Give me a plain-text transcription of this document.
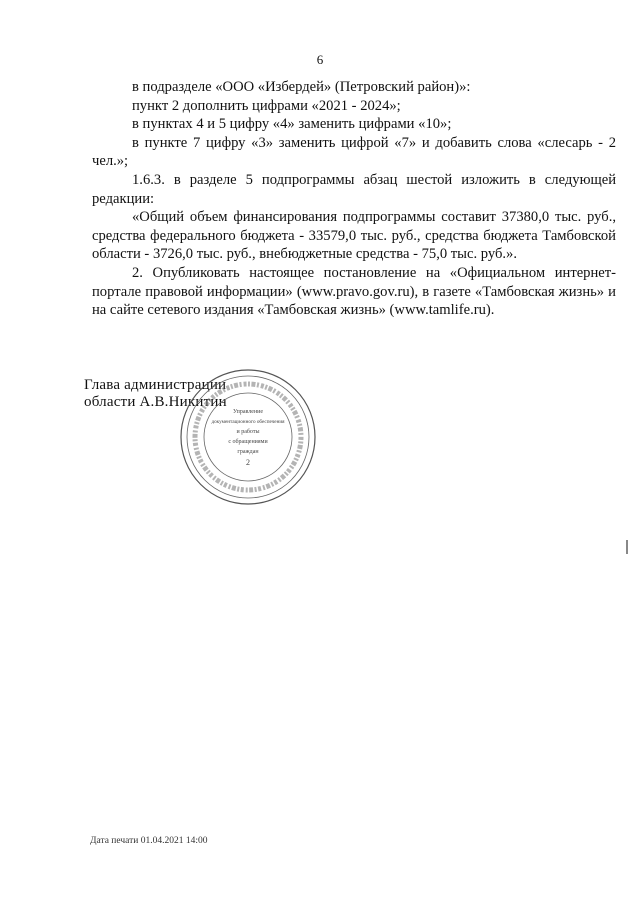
6

в подразделе «ООО «Избердей» (Петровский район)»:

пункт 2 дополнить цифрами «2021 - 2024»;

в пунктах 4 и 5 цифру «4» заменить цифрами «10»;

в пункте 7 цифру «3» заменить цифрой «7» и добавить слова «слесарь - 2 чел.»;

1.6.3. в разделе 5 подпрограммы абзац шестой изложить в следующей редакции:

«Общий объем финансирования подпрограммы составит 37380,0 тыс. руб., средства федерального бюджета - 33579,0 тыс. руб., средства бюджета Тамбовской области - 3726,0 тыс. руб., внебюджетные средства - 75,0 тыс. руб.».

2. Опубликовать настоящее постановление на «Официальном интернет-портале правовой информации» (www.pravo.gov.ru), в газете «Тамбовская жизнь» и на сайте сетевого издания «Тамбовская жизнь» (www.tamlife.ru).

Глава администрации
области А.В.Никитин
Управление
документационного обеспечения
и работы
с обращениями
граждан
2
Дата печати 01.04.2021 14:00
